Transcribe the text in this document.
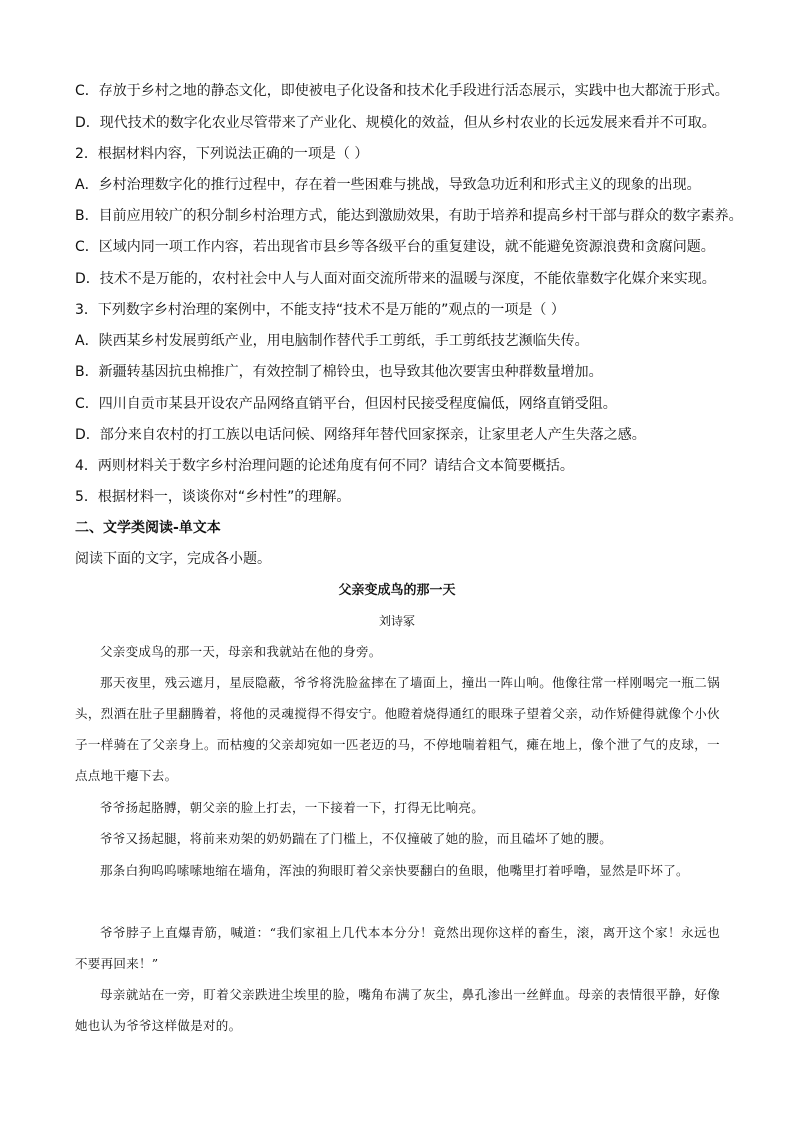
C．存放于乡村之地的静态文化，即使被电子化设备和技术化手段进行活态展示，实践中也大都流于形式。
D．现代技术的数字化农业尽管带来了产业化、规模化的效益，但从乡村农业的长远发展来看并不可取。
2．根据材料内容，下列说法正确的一项是（ ）
A．乡村治理数字化的推行过程中，存在着一些困难与挑战，导致急功近利和形式主义的现象的出现。
B．目前应用较广的积分制乡村治理方式，能达到激励效果，有助于培养和提高乡村干部与群众的数字素养。
C．区域内同一项工作内容，若出现省市县乡等各级平台的重复建设，就不能避免资源浪费和贪腐问题。
D．技术不是万能的，农村社会中人与人面对面交流所带来的温暖与深度，不能依靠数字化媒介来实现。
3．下列数字乡村治理的案例中，不能支持“技术不是万能的”观点的一项是（ ）
A．陕西某乡村发展剪纸产业，用电脑制作替代手工剪纸，手工剪纸技艺濒临失传。
B．新疆转基因抗虫棉推广，有效控制了棉铃虫，也导致其他次要害虫种群数量增加。
C．四川自贡市某县开设农产品网络直销平台，但因村民接受程度偏低，网络直销受阻。
D．部分来自农村的打工族以电话问候、网络拜年替代回家探亲，让家里老人产生失落之感。
4．两则材料关于数字乡村治理问题的论述角度有何不同？请结合文本简要概括。
5．根据材料一，谈谈你对“乡村性”的理解。
二、文学类阅读-单文本
阅读下面的文字，完成各小题。
父亲变成鸟的那一天
刘诗冢
父亲变成鸟的那一天，母亲和我就站在他的身旁。
那天夜里，残云遮月，星辰隐蔽，爷爷将洗脸盆摔在了墙面上，撞出一阵山响。他像往常一样刚喝完一瓶二锅头，烈酒在肚子里翻腾着，将他的灵魂搅得不得安宁。他瞪着烧得通红的眼珠子望着父亲，动作矫健得就像个小伙子一样骑在了父亲身上。而枯瘦的父亲却宛如一匹老迈的马，不停地喘着粗气，瘫在地上，像个泄了气的皮球，一点点地干瘪下去。
爷爷扬起胳膊，朝父亲的脸上打去，一下接着一下，打得无比响亮。
爷爷又扬起腿，将前来劝架的奶奶踹在了门槛上，不仅撞破了她的脸，而且磕坏了她的腰。
那条白狗呜呜嗦嗦地缩在墙角，浑浊的狗眼盯着父亲快要翻白的鱼眼，他嘴里打着呼噜，显然是吓坏了。
爷爷脖子上直爆青筋，喊道：“我们家祖上几代本本分分！竟然出现你这样的畜生，滚，离开这个家！永远也不要再回来！”
母亲就站在一旁，盯着父亲跌进尘埃里的脸，嘴角布满了灰尘，鼻孔渗出一丝鲜血。母亲的表情很平静，好像她也认为爷爷这样做是对的。
